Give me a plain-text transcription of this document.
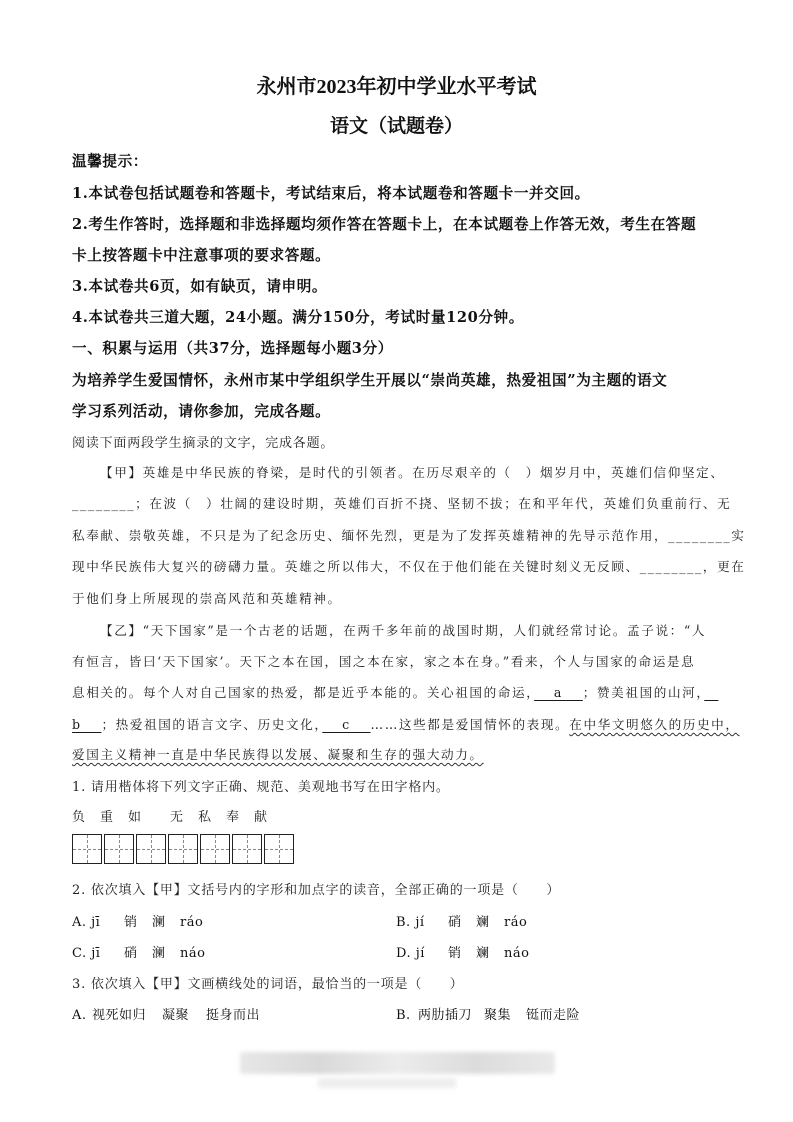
永州市2023年初中学业水平考试
语文（试题卷）
温馨提示：
1.本试卷包括试题卷和答题卡，考试结束后，将本试题卷和答题卡一并交回。
2.考生作答时，选择题和非选择题均须作答在答题卡上，在本试题卷上作答无效，考生在答题
卡上按答题卡中注意事项的要求答题。
3.本试卷共6页，如有缺页，请申明。
4.本试卷共三道大题，24小题。满分150分，考试时量120分钟。
一、积累与运用（共37分，选择题每小题3分）
为培养学生爱国情怀，永州市某中学组织学生开展以“崇尚英雄，热爱祖国”为主题的语文
学习系列活动，请你参加，完成各题。
阅读下面两段学生摘录的文字，完成各题。
【甲】英雄是中华民族的脊梁，是时代的引领者。在历尽艰辛的（　）烟岁月中，英雄们信仰坚定、
________；在波（　）壮阔的建设时期，英雄们百折不挠、坚韧不拔；在和平年代，英雄们负重前行、无
私奉献、崇敬英雄，不只是为了纪念历史、缅怀先烈，更是为了发挥英雄精神的先导示范作用，________实
现中华民族伟大复兴的磅礴力量。英雄之所以伟大，不仅在于他们能在关键时刻义无反顾、________，更在
于他们身上所展现的崇高风范和英雄精神。
【乙】“天下国家”是一个古老的话题，在两千多年前的战国时期，人们就经常讨论。孟子说：“人
有恒言，皆曰‘天下国家’。天下之本在国，国之本在家，家之本在身。”看来，个人与国家的命运是息
息相关的。每个人对自己国家的热爱，都是近乎本能的。关心祖国的命运，　 a　 ；赞美祖国的山河，　
b　 ；热爱祖国的语言文字、历史文化，　 c　 ……这些都是爱国情怀的表现。在中华文明悠久的历史中，
爱国主义精神一直是中华民族得以发展、凝聚和生存的强大动力。
1. 请用楷体将下列文字正确、规范、美观地书写在田字格内。
负　重　如　　无　私　奉　献
2. 依次填入【甲】文括号内的字形和加点字的读音，全部正确的一项是（　　）
A. jī 销 澜 ráo	B. jí 硝 斓 ráo
C. jī 硝 澜 náo	D. jí 销 斓 náo
3. 依次填入【甲】文画横线处的词语，最恰当的一项是（　　）
A. 视死如归 凝聚 挺身而出	B. 两肋插刀 聚集 铤而走险
